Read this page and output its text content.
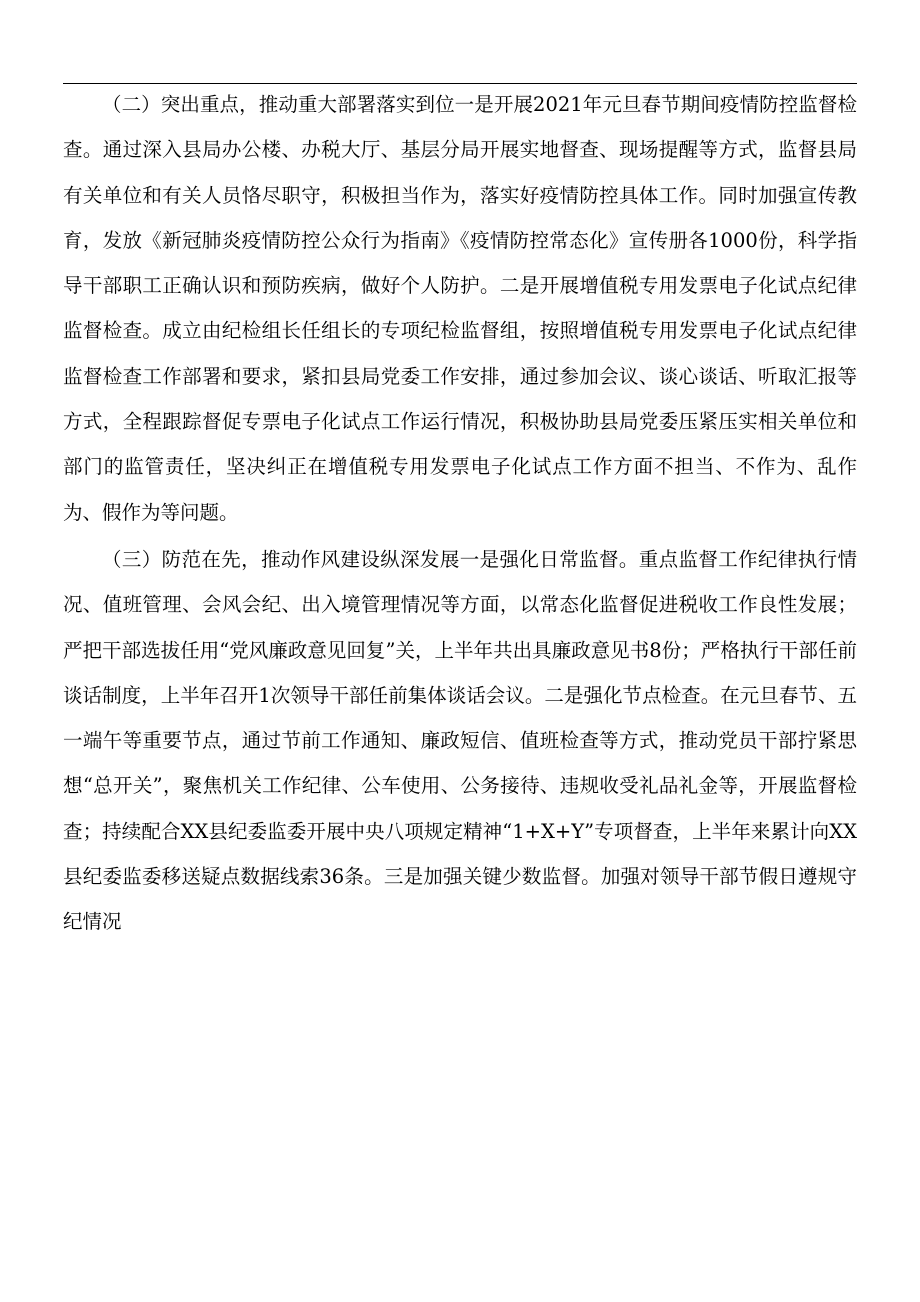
（二）突出重点，推动重大部署落实到位一是开展2021年元旦春节期间疫情防控监督检查。通过深入县局办公楼、办税大厅、基层分局开展实地督查、现场提醒等方式，监督县局有关单位和有关人员恪尽职守，积极担当作为，落实好疫情防控具体工作。同时加强宣传教育，发放《新冠肺炎疫情防控公众行为指南》《疫情防控常态化》宣传册各1000份，科学指导干部职工正确认识和预防疾病，做好个人防护。二是开展增值税专用发票电子化试点纪律监督检查。成立由纪检组长任组长的专项纪检监督组，按照增值税专用发票电子化试点纪律监督检查工作部署和要求，紧扣县局党委工作安排，通过参加会议、谈心谈话、听取汇报等方式，全程跟踪督促专票电子化试点工作运行情况，积极协助县局党委压紧压实相关单位和部门的监管责任，坚决纠正在增值税专用发票电子化试点工作方面不担当、不作为、乱作为、假作为等问题。

（三）防范在先，推动作风建设纵深发展一是强化日常监督。重点监督工作纪律执行情况、值班管理、会风会纪、出入境管理情况等方面，以常态化监督促进税收工作良性发展；严把干部选拔任用“党风廉政意见回复”关，上半年共出具廉政意见书8份；严格执行干部任前谈话制度，上半年召开1次领导干部任前集体谈话会议。二是强化节点检查。在元旦春节、五一端午等重要节点，通过节前工作通知、廉政短信、值班检查等方式，推动党员干部拧紧思想“总开关”，聚焦机关工作纪律、公车使用、公务接待、违规收受礼品礼金等，开展监督检查；持续配合XX县纪委监委开展中央八项规定精神“1+X+Y”专项督查，上半年来累计向XX县纪委监委移送疑点数据线索36条。三是加强关键少数监督。加强对领导干部节假日遵规守纪情况
